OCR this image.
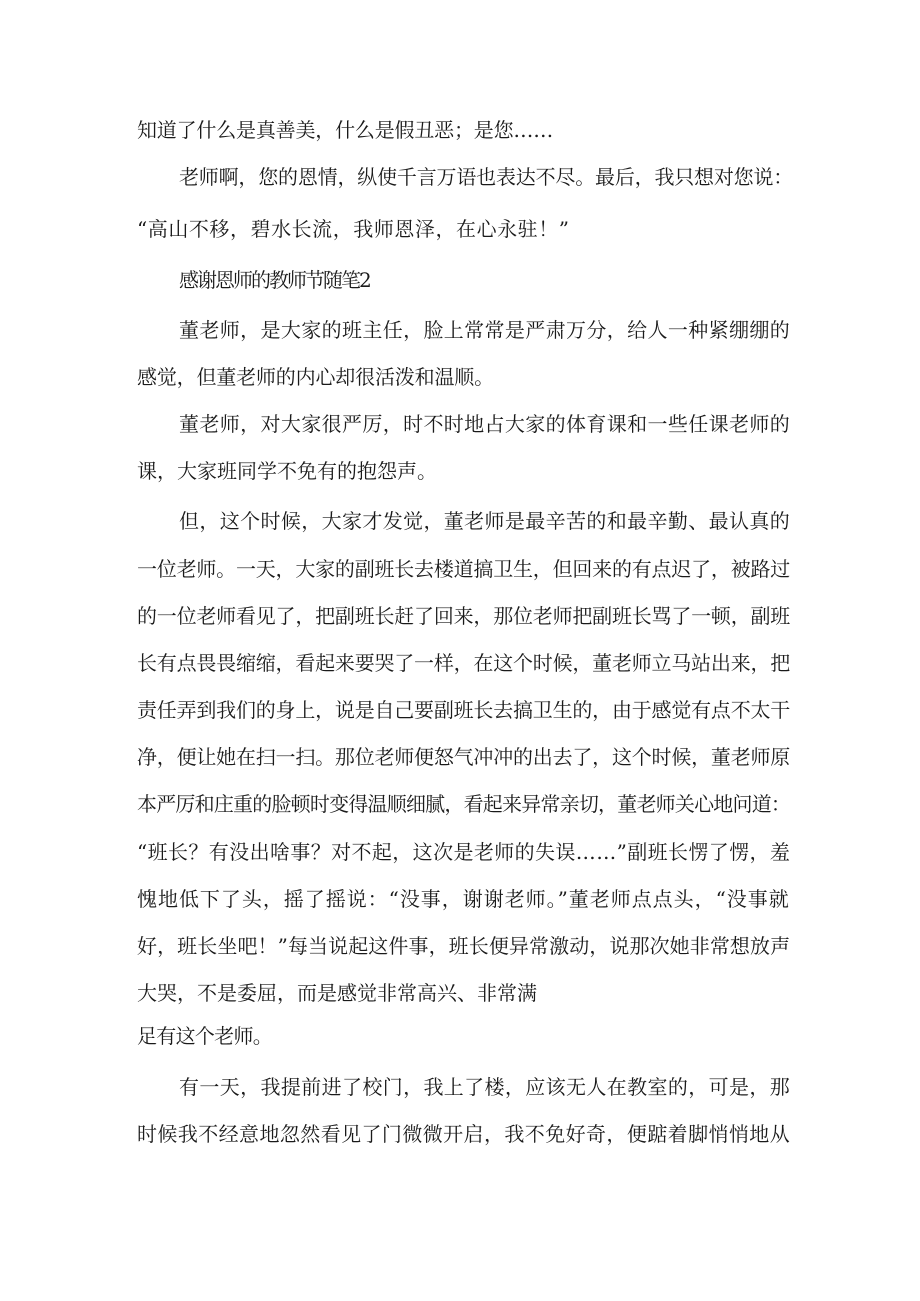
知道了什么是真善美，什么是假丑恶；是您……

老师啊，您的恩情，纵使千言万语也表达不尽。最后，我只想对您说：

“高山不移，碧水长流，我师恩泽，在心永驻！”

感谢恩师的教师节随笔2

董老师，是大家的班主任，脸上常常是严肃万分，给人一种紧绷绷的

感觉，但董老师的内心却很活泼和温顺。

董老师，对大家很严厉，时不时地占大家的体育课和一些任课老师的

课，大家班同学不免有的抱怨声。

但，这个时候，大家才发觉，董老师是最辛苦的和最辛勤、最认真的

一位老师。一天，大家的副班长去楼道搞卫生，但回来的有点迟了，被路过

的一位老师看见了，把副班长赶了回来，那位老师把副班长骂了一顿，副班

长有点畏畏缩缩，看起来要哭了一样，在这个时候，董老师立马站出来，把

责任弄到我们的身上，说是自己要副班长去搞卫生的，由于感觉有点不太干

净，便让她在扫一扫。那位老师便怒气冲冲的出去了，这个时候，董老师原

本严厉和庄重的脸顿时变得温顺细腻，看起来异常亲切，董老师关心地问道：

“班长？有没出啥事？对不起，这次是老师的失误……”副班长愣了愣，羞

愧地低下了头，摇了摇说：“没事，谢谢老师。”董老师点点头，“没事就

好，班长坐吧！”每当说起这件事，班长便异常激动，说那次她非常想放声

大哭，不是委屈，而是感觉非常高兴、非常满

足有这个老师。

有一天，我提前进了校门，我上了楼，应该无人在教室的，可是，那

时候我不经意地忽然看见了门微微开启，我不免好奇，便踮着脚悄悄地从
